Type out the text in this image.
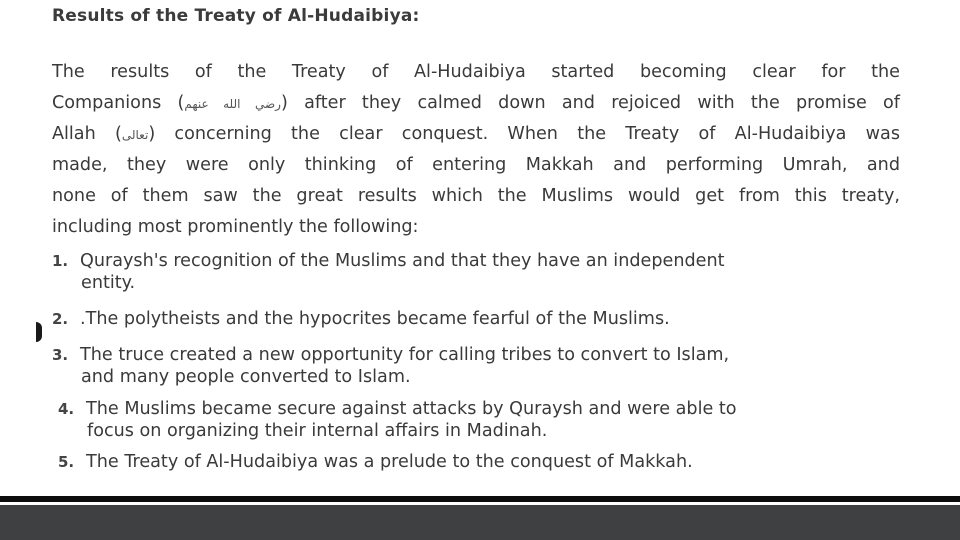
Results of the Treaty of Al-Hudaibiya:
The results of the Treaty of Al-Hudaibiya started becoming clear for the
Companions (رضي الله عنهم) after they calmed down and rejoiced with the promise of
Allah (تعالى) concerning the clear conquest. When the Treaty of Al-Hudaibiya was
made, they were only thinking of entering Makkah and performing Umrah, and
none of them saw the great results which the Muslims would get from this treaty,
including most prominently the following:
1. Quraysh's recognition of the Muslims and that they have an independent
entity.
2. .The polytheists and the hypocrites became fearful of the Muslims.
3. The truce created a new opportunity for calling tribes to convert to Islam,
and many people converted to Islam.
4. The Muslims became secure against attacks by Quraysh and were able to
focus on organizing their internal affairs in Madinah.
5. The Treaty of Al-Hudaibiya was a prelude to the conquest of Makkah.
